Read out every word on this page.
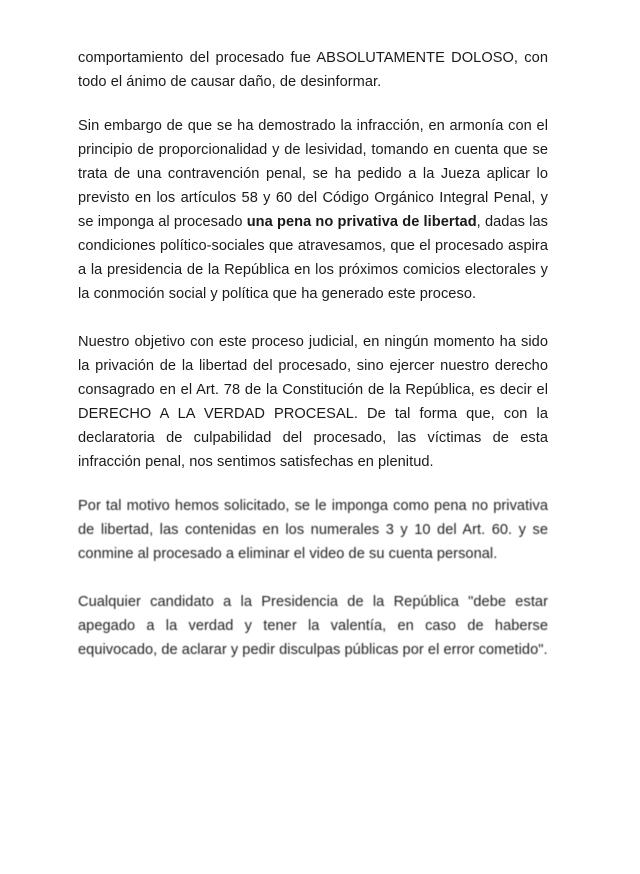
comportamiento del procesado fue ABSOLUTAMENTE DOLOSO, con todo el ánimo de causar daño, de desinformar.

Sin embargo de que se ha demostrado la infracción, en armonía con el principio de proporcionalidad y de lesividad, tomando en cuenta que se trata de una contravención penal, se ha pedido a la Jueza aplicar lo previsto en los artículos 58 y 60 del Código Orgánico Integral Penal, y se imponga al procesado una pena no privativa de libertad, dadas las condiciones político-sociales que atravesamos, que el procesado aspira a la presidencia de la República en los próximos comicios electorales y la conmoción social y política que ha generado este proceso.

Nuestro objetivo con este proceso judicial, en ningún momento ha sido la privación de la libertad del procesado, sino ejercer nuestro derecho consagrado en el Art. 78 de la Constitución de la República, es decir el DERECHO A LA VERDAD PROCESAL. De tal forma que, con la declaratoria de culpabilidad del procesado, las víctimas de esta infracción penal, nos sentimos satisfechas en plenitud.

Por tal motivo hemos solicitado, se le imponga como pena no privativa de libertad, las contenidas en los numerales 3 y 10 del Art. 60. y se conmine al procesado a eliminar el video de su cuenta personal.

Cualquier candidato a la Presidencia de la República "debe estar apegado a la verdad y tener la valentía, en caso de haberse equivocado, de aclarar y pedir disculpas públicas por el error cometido".
